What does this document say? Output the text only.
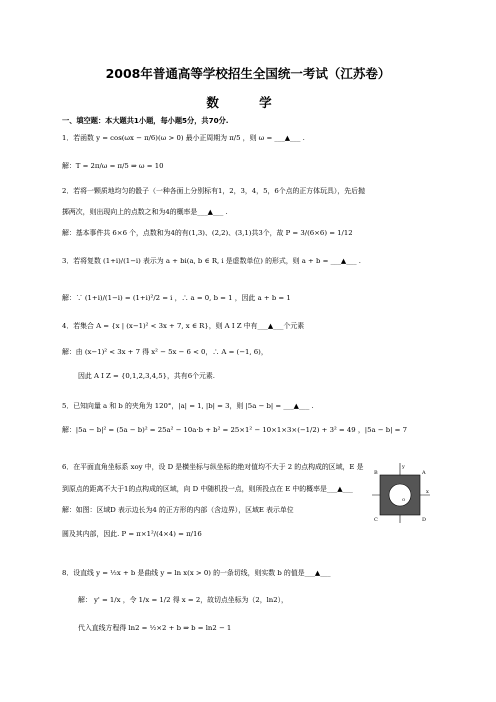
2008年普通高等学校招生全国统一考试（江苏卷）
数 学
一、填空题：本大题共1小题，每小题5分，共70分.
1．若函数 y = cos(ωx − π/6)(ω > 0) 最小正周期为 π/5 ，则 ω = ___▲___ .
解：T = 2π/ω = π/5 ⇒ ω = 10
2．若将一颗质地均匀的骰子（一种各面上分别标有1，2，3，4，5，6个点的正方体玩具），先后抛
掷两次，则出现向上的点数之和为4的概率是___▲___ .
解：基本事件共 6×6 个，点数和为4的有(1,3)、(2,2)、(3,1)共3个，故 P = 3/(6×6) = 1/12
3．若将复数 (1+i)/(1−i) 表示为 a + bi(a, b ∈ R, i 是虚数单位) 的形式，则 a + b = ___▲___ .
解：∵ (1+i)/(1−i) = (1+i)²/2 = i ，∴ a = 0, b = 1 ，因此 a + b = 1
4．若集合 A = {x | (x−1)² < 3x + 7, x ∈ R}，则 A I Z 中有___▲___个元素
解：由 (x−1)² < 3x + 7 得 x² − 5x − 6 < 0，∴ A = (−1, 6)，
因此 A I Z = {0,1,2,3,4,5}，共有6个元素.
5．已知向量 a 和 b 的夹角为 120°，|a| = 1, |b| = 3，则 |5a − b| = ___▲___ .
解：|5a − b|² = (5a − b)² = 25a² − 10a·b + b² = 25×1² − 10×1×3×(−1/2) + 3² = 49 ，|5a − b| = 7
6．在平面直角坐标系 xoy 中，设 D 是横坐标与纵坐标的绝对值均不大于 2 的点构成的区域，E 是
到原点的距离不大于1的点构成的区域，向 D 中随机投一点，则所投点在 E 中的概率是___▲___
解：如图：区域D 表示边长为4 的正方形的内部（含边界），区域E 表示单位
圆及其内部，因此. P = π×1²/(4×4) = π/16
8．设直线 y = ½x + b 是曲线 y = ln x(x > 0) 的一条切线，则实数 b 的值是___▲___
解： y' = 1/x ，令 1/x = 1/2 得 x = 2，故切点坐标为（2，ln2），
代入直线方程得 ln2 = ½×2 + b ⇒ b = ln2 − 1
y
x
A
B
C	D
O
